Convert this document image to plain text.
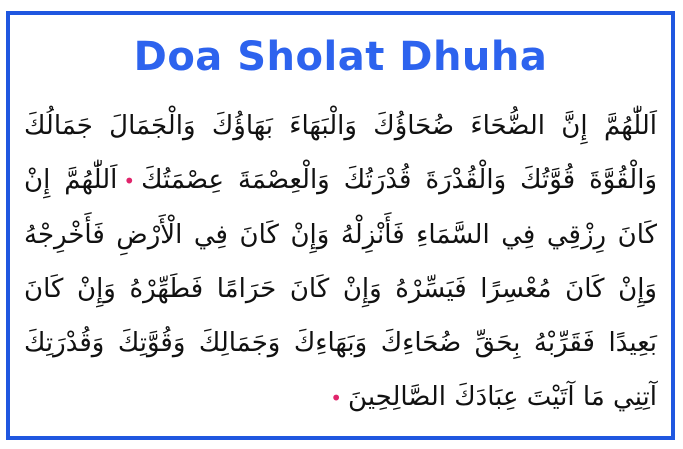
Doa Sholat Dhuha

اَللّٰهُمَّ إِنَّ الضُّحَاءَ ضُحَاؤُكَ وَالْبَهَاءَ بَهَاؤُكَ وَالْجَمَالَ جَمَالُكَ وَالْقُوَّةَ قُوَّتُكَ وَالْقُدْرَةَ قُدْرَتُكَ وَالْعِصْمَةَ عِصْمَتُكَ•اَللّٰهُمَّ إِنْ كَانَ رِزْقِي فِي السَّمَاءِ فَأَنْزِلْهُ وَإِنْ كَانَ فِي الْأَرْضِ فَأَخْرِجْهُ وَإِنْ كَانَ مُعْسِرًا فَيَسِّرْهُ وَإِنْ كَانَ حَرَامًا فَطَهِّرْهُ وَإِنْ كَانَ بَعِيدًا فَقَرِّبْهُ بِحَقِّ ضُحَاءِكَ وَبَهَاءِكَ وَجَمَالِكَ وَقُوَّتِكَ وَقُدْرَتِكَ آتِنِي مَا آتَيْتَ عِبَادَكَ الصَّالِحِينَ•
